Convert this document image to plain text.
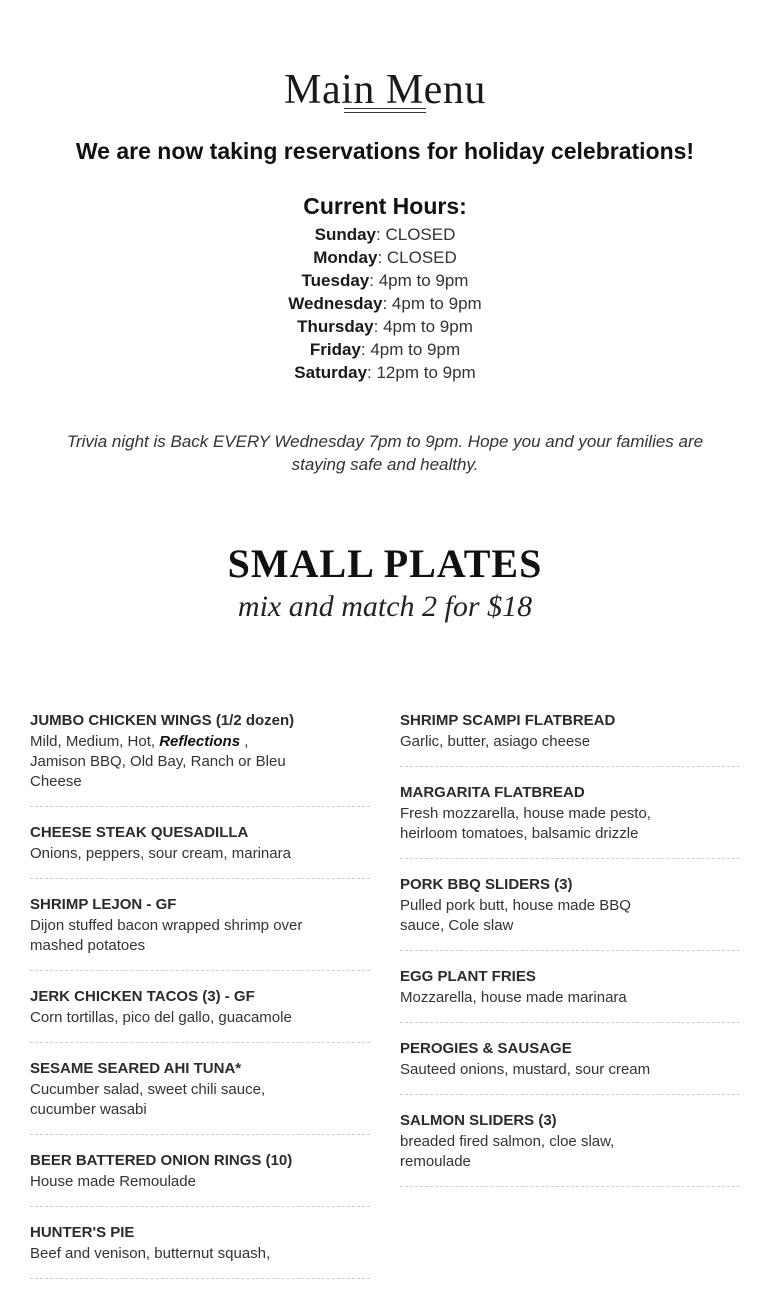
Main Menu
We are now taking reservations for holiday celebrations!
Current Hours:
Sunday: CLOSED
Monday: CLOSED
Tuesday: 4pm to 9pm
Wednesday: 4pm to 9pm
Thursday: 4pm to 9pm
Friday: 4pm to 9pm
Saturday: 12pm to 9pm
Trivia night is Back EVERY Wednesday 7pm to 9pm. Hope you and your families are staying safe and healthy.
SMALL PLATES
mix and match 2 for $18
JUMBO CHICKEN WINGS (1/2 dozen)
Mild, Medium, Hot, Reflections , Jamison BBQ, Old Bay, Ranch or Bleu Cheese
CHEESE STEAK QUESADILLA
Onions, peppers, sour cream, marinara
SHRIMP LEJON - GF
Dijon stuffed bacon wrapped shrimp over mashed potatoes
JERK CHICKEN TACOS (3) - GF
Corn tortillas, pico del gallo, guacamole
SESAME SEARED AHI TUNA*
Cucumber salad, sweet chili sauce, cucumber wasabi
BEER BATTERED ONION RINGS (10)
House made Remoulade
HUNTER'S PIE
Beef and venison, butternut squash,
SHRIMP SCAMPI FLATBREAD
Garlic, butter, asiago cheese
MARGARITA FLATBREAD
Fresh mozzarella, house made pesto, heirloom tomatoes, balsamic drizzle
PORK BBQ SLIDERS (3)
Pulled pork butt, house made BBQ sauce, Cole slaw
EGG PLANT FRIES
Mozzarella, house made marinara
PEROGIES & SAUSAGE
Sauteed onions, mustard, sour cream
SALMON SLIDERS (3)
breaded fired salmon, cloe slaw, remoulade
